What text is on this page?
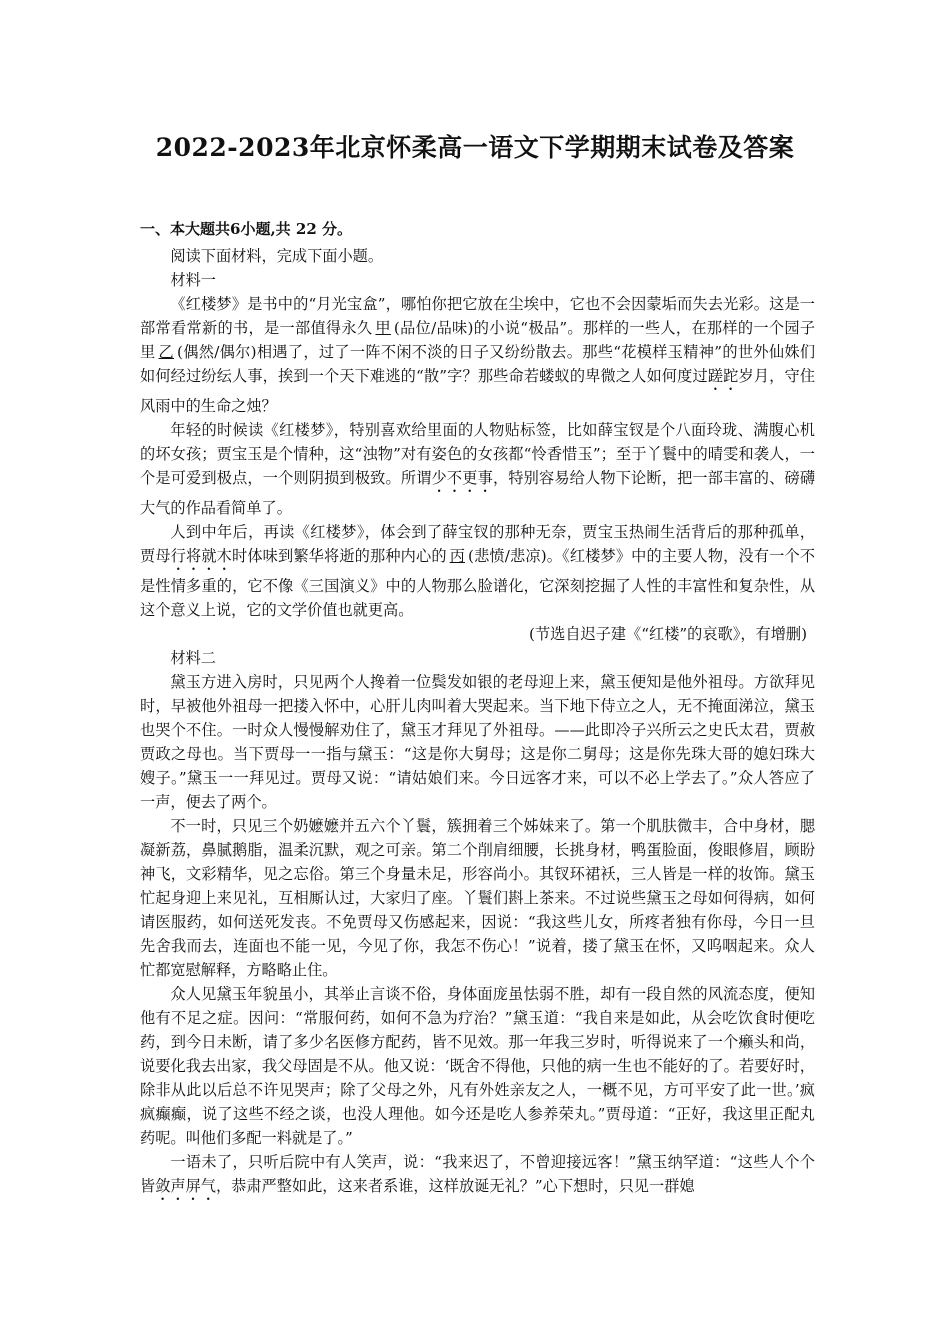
2022-2023年北京怀柔高一语文下学期期末试卷及答案
一、本大题共6小题,共 22 分。

阅读下面材料，完成下面小题。

材料一

《红楼梦》是书中的“月光宝盒”，哪怕你把它放在尘埃中，它也不会因蒙垢而失去光彩。这是一部常看常新的书，是一部值得永久 甲 (品位/品味)的小说“极品”。那样的一些人，在那样的一个园子里 乙 (偶然/偶尔)相遇了，过了一阵不闲不淡的日子又纷纷散去。那些“花模样玉精神”的世外仙姝们如何经过纷纭人事，挨到一个天下难逃的“散”字？那些命若蝼蚁的卑微之人如何度过蹉跎岁月，守住风雨中的生命之烛？

年轻的时候读《红楼梦》，特别喜欢给里面的人物贴标签，比如薛宝钗是个八面玲珑、满腹心机的坏女孩；贾宝玉是个情种，这“浊物”对有姿色的女孩都“怜香惜玉”；至于丫鬟中的晴雯和袭人，一个是可爱到极点，一个则阴损到极致。所谓少不更事，特别容易给人物下论断，把一部丰富的、磅礴大气的作品看简单了。

人到中年后，再读《红楼梦》，体会到了薛宝钗的那种无奈，贾宝玉热闹生活背后的那种孤单，贾母行将就木时体味到繁华将逝的那种内心的 丙 (悲愤/悲凉)。《红楼梦》中的主要人物，没有一个不是性情多重的，它不像《三国演义》中的人物那么脸谱化，它深刻挖掘了人性的丰富性和复杂性，从这个意义上说，它的文学价值也就更高。

(节选自迟子建《“红楼”的哀歌》，有增删)

材料二

黛玉方进入房时，只见两个人搀着一位鬓发如银的老母迎上来，黛玉便知是他外祖母。方欲拜见时，早被他外祖母一把搂入怀中，心肝儿肉叫着大哭起来。当下地下侍立之人，无不掩面涕泣，黛玉也哭个不住。一时众人慢慢解劝住了，黛玉才拜见了外祖母。——此即冷子兴所云之史氏太君，贾赦贾政之母也。当下贾母一一指与黛玉：“这是你大舅母；这是你二舅母；这是你先珠大哥的媳妇珠大嫂子。”黛玉一一拜见过。贾母又说：“请姑娘们来。今日远客才来，可以不必上学去了。”众人答应了一声，便去了两个。

不一时，只见三个奶嬷嬷并五六个丫鬟，簇拥着三个姊妹来了。第一个肌肤微丰，合中身材，腮凝新荔，鼻腻鹅脂，温柔沉默，观之可亲。第二个削肩细腰，长挑身材，鸭蛋脸面，俊眼修眉，顾盼神飞，文彩精华，见之忘俗。第三个身量未足，形容尚小。其钗环裙袄，三人皆是一样的妆饰。黛玉忙起身迎上来见礼，互相厮认过，大家归了座。丫鬟们斟上茶来。不过说些黛玉之母如何得病，如何请医服药，如何送死发丧。不免贾母又伤感起来，因说：“我这些儿女，所疼者独有你母，今日一旦先舍我而去，连面也不能一见，今见了你，我怎不伤心！”说着，搂了黛玉在怀，又呜咽起来。众人忙都宽慰解释，方略略止住。

众人见黛玉年貌虽小，其举止言谈不俗，身体面庞虽怯弱不胜，却有一段自然的风流态度，便知他有不足之症。因问：“常服何药，如何不急为疗治？”黛玉道：“我自来是如此，从会吃饮食时便吃药，到今日未断，请了多少名医修方配药，皆不见效。那一年我三岁时，听得说来了一个癞头和尚，说要化我去出家，我父母固是不从。他又说：‘既舍不得他，只他的病一生也不能好的了。若要好时，除非从此以后总不许见哭声；除了父母之外，凡有外姓亲友之人，一概不见，方可平安了此一世。’疯疯癫癫，说了这些不经之谈，也没人理他。如今还是吃人参养荣丸。”贾母道：“正好，我这里正配丸药呢。叫他们多配一料就是了。”

一语未了，只听后院中有人笑声，说：“我来迟了，不曾迎接远客！”黛玉纳罕道：“这些人个个皆敛声屏气，恭肃严整如此，这来者系谁，这样放诞无礼？”心下想时，只见一群媳
